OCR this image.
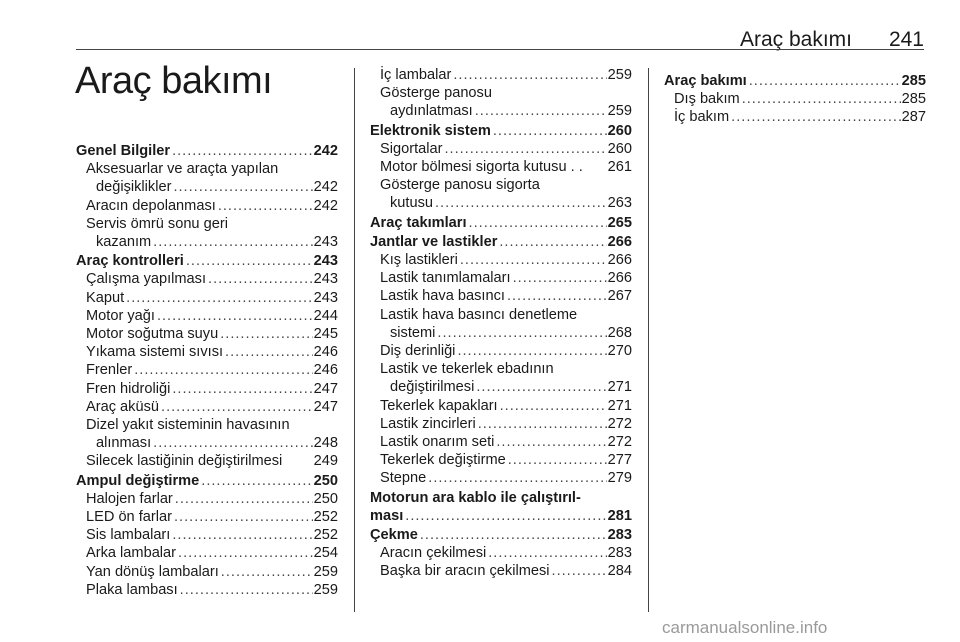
Araç bakımı	241
Araç bakımı
Genel Bilgiler .....	242
Aksesuarlar ve araçta yapılan
değişiklikler .....	242
Aracın depolanması .....	242
Servis ömrü sonu geri
kazanım .....	243
Araç kontrolleri .....	243
Çalışma yapılması .....	243
Kaput .....	243
Motor yağı .....	244
Motor soğutma suyu .....	245
Yıkama sistemi sıvısı .....	246
Frenler .....	246
Fren hidroliği .....	247
Araç aküsü .....	247
Dizel yakıt sisteminin havasının
alınması .....	248
Silecek lastiğinin değiştirilmesi 249
Ampul değiştirme .....	250
Halojen farlar .....	250
LED ön farlar .....	252
Sis lambaları .....	252
Arka lambalar .....	254
Yan dönüş lambaları .....	259
Plaka lambası .....	259
İç lambalar .....	259
Gösterge panosu
aydınlatması .....	259
Elektronik sistem .....	260
Sigortalar .....	260
Motor bölmesi sigorta kutusu . . 261
Gösterge panosu sigorta
kutusu .....	263
Araç takımları .....	265
Jantlar ve lastikler .....	266
Kış lastikleri .....	266
Lastik tanımlamaları .....	266
Lastik hava basıncı .....	267
Lastik hava basıncı denetleme
sistemi .....	268
Diş derinliği .....	270
Lastik ve tekerlek ebadının
değiştirilmesi .....	271
Tekerlek kapakları .....	271
Lastik zincirleri .....	272
Lastik onarım seti .....	272
Tekerlek değiştirme .....	277
Stepne .....	279
Motorun ara kablo ile çalıştırıl-
ması .....	281
Çekme .....	283
Aracın çekilmesi .....	283
Başka bir aracın çekilmesi .....	284
Araç bakımı .....	285
Dış bakım .....	285
İç bakım .....	287
carmanualsonline.info
